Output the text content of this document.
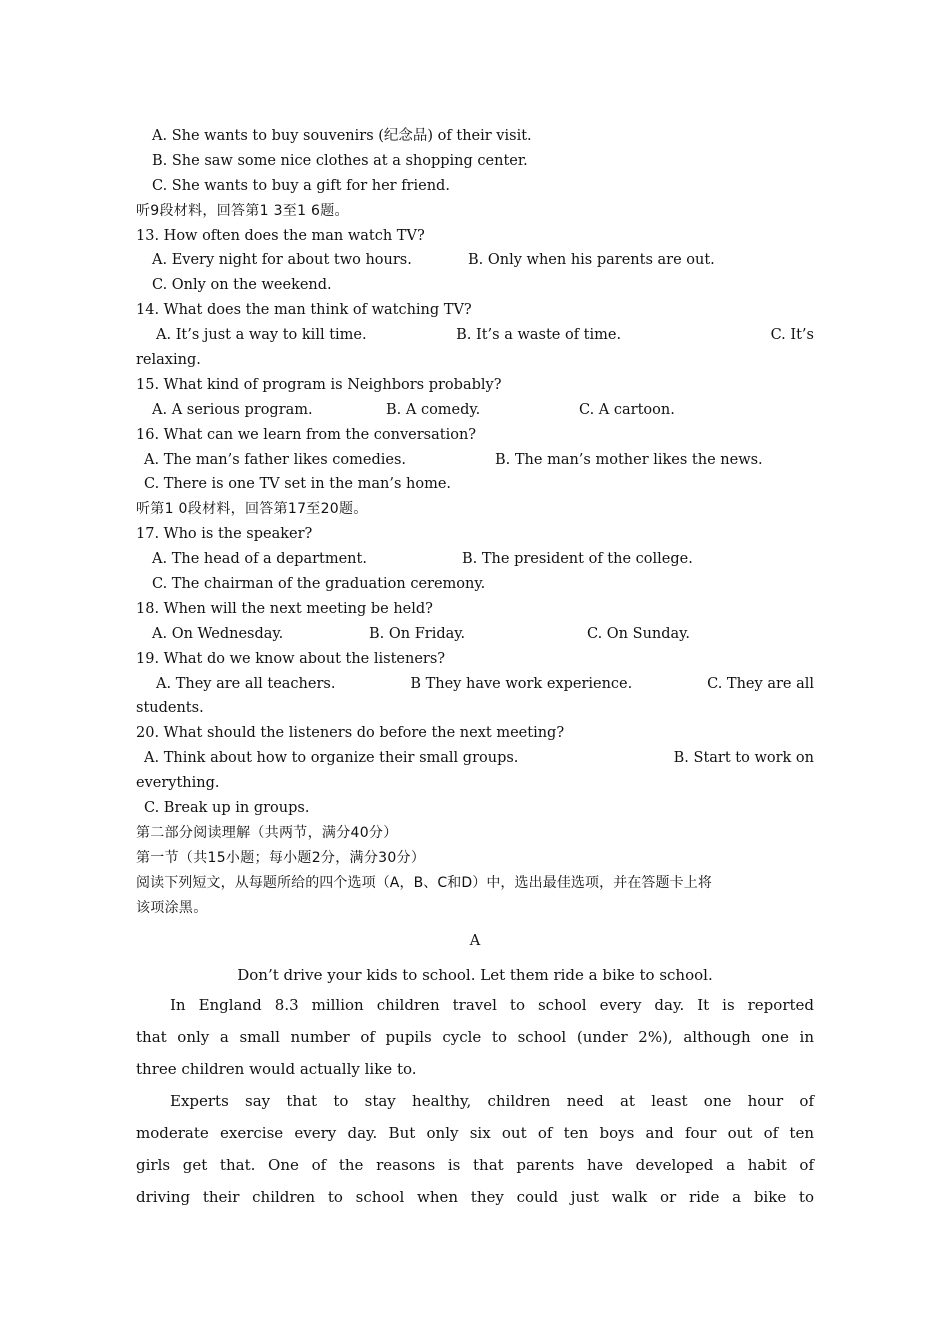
A. She wants to buy souvenirs (纪念品) of their visit.
B. She saw some nice clothes at a shopping center.
C. She wants to buy a gift for her friend.
听9段材料，回答第1 3至1 6题。
13. How often does the man watch TV?
A. Every night for about two hours.	B. Only when his parents are out.
C. Only on the weekend.
14. What does the man think of watching TV?
A. It’s just a way to kill time.	B. It’s a waste of time.	C. It’s
relaxing.
15. What kind of program is Neighbors probably?
A. A serious program.	B. A comedy.	C. A cartoon.
16. What can we learn from the conversation?
A. The man’s father likes comedies.	B. The man’s mother likes the news.
C. There is one TV set in the man’s home.
听第1 0段材料，回答第17至20题。
17. Who is the speaker?
A. The head of a department.	B. The president of the college.
C. The chairman of the graduation ceremony.
18. When will the next meeting be held?
A. On Wednesday.	B. On Friday.	C. On Sunday.
19. What do we know about the listeners?
A. They are all teachers.	B They have work experience.	C. They are all
students.
20. What should the listeners do before the next meeting?
A. Think about how to organize their small groups.	B. Start to work on
everything.
C. Break up in groups.
第二部分阅读理解（共两节，满分40分）
第一节（共15小题；每小题2分，满分30分）
阅读下列短文，从每题所给的四个选项（A，B、C和D）中，选出最佳选项，并在答题卡上将
该项涂黑。
A
Don’t drive your kids to school. Let them ride a bike to school.
In England 8.3 million children travel to school every day. It is reported
that only a small number of pupils cycle to school (under 2%), although one in
three children would actually like to.
Experts say that to stay healthy, children need at least one hour of
moderate exercise every day. But only six out of ten boys and four out of ten
girls get that. One of the reasons is that parents have developed a habit of
driving their children to school when they could just walk or ride a bike to
